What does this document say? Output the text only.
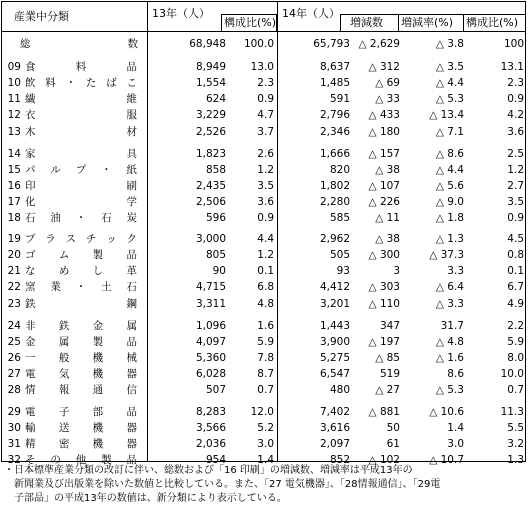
産業中分類	13年（人）
構成比(%)
14年（人）
増減数 増減率(%) 構成比(%)
総	数	68,948	100.0	65,793 △ 2,629	△ 3.8	100
09 食	料	品	8,949	13.0	8,637	△ 312	△ 3.5	13.1
10 飲 料 ・ た ば こ	1,554	2.3	1,485	△ 69	△ 4.4	2.3
11 繊	維	624	0.9	591	△ 33	△ 5.3	0.9
12 衣	服	3,229	4.7	2,796	△ 433	△ 13.4	4.2
13 木	材	2,526	3.7	2,346	△ 180	△ 7.1	3.6
14 家	具	1,823	2.6	1,666	△ 157	△ 8.6	2.5
15 パ ル プ ・ 紙	858	1.2	820	△ 38	△ 4.4	1.2
16 印	刷	2,435	3.5	1,802	△ 107	△ 5.6	2.7
17 化	学	2,506	3.6	2,280	△ 226	△ 9.0	3.5
18 石 油 ・ 石 炭	596	0.9	585	△ 11	△ 1.8	0.9
19 プ ラ ス チ ッ ク	3,000	4.4	2,962	△ 38	△ 1.3	4.5
20 ゴ ム 製 品	805	1.2	505	△ 300	△ 37.3	0.8
21 な め し 革	90	0.1	93	3	3.3	0.1
22 窯 業 ・ 土 石	4,715	6.8	4,412	△ 303	△ 6.4	6.7
23 鉄	鋼	3,311	4.8	3,201	△ 110	△ 3.3	4.9
24 非 鉄 金 属	1,096	1.6	1,443	347	31.7	2.2
25 金 属 製 品	4,097	5.9	3,900	△ 197	△ 4.8	5.9
26 一 般 機 械	5,360	7.8	5,275	△ 85	△ 1.6	8.0
27 電 気 機 器	6,028	8.7	6,547	519	8.6	10.0
28 情 報 通 信	507	0.7	480	△ 27	△ 5.3	0.7
29 電 子 部 品	8,283	12.0	7,402	△ 881	△ 10.6	11.3
30 輸 送 機 器	3,566	5.2	3,616	50	1.4	5.5
31 精 密 機 器	2,036	3.0	2,097	61	3.0	3.2
32 そ の 他 製 品	954	1.4	852	△ 102	△ 10.7	1.3
・日本標準産業分類の改訂に伴い、総数および「16 印刷」の増減数、増減率は平成13年の
　新聞業及び出版業を除いた数値と比較している。また、「27 電気機器」、「28情報通信」、「29電
　子部品」の平成13年の数値は、新分類により表示している。
